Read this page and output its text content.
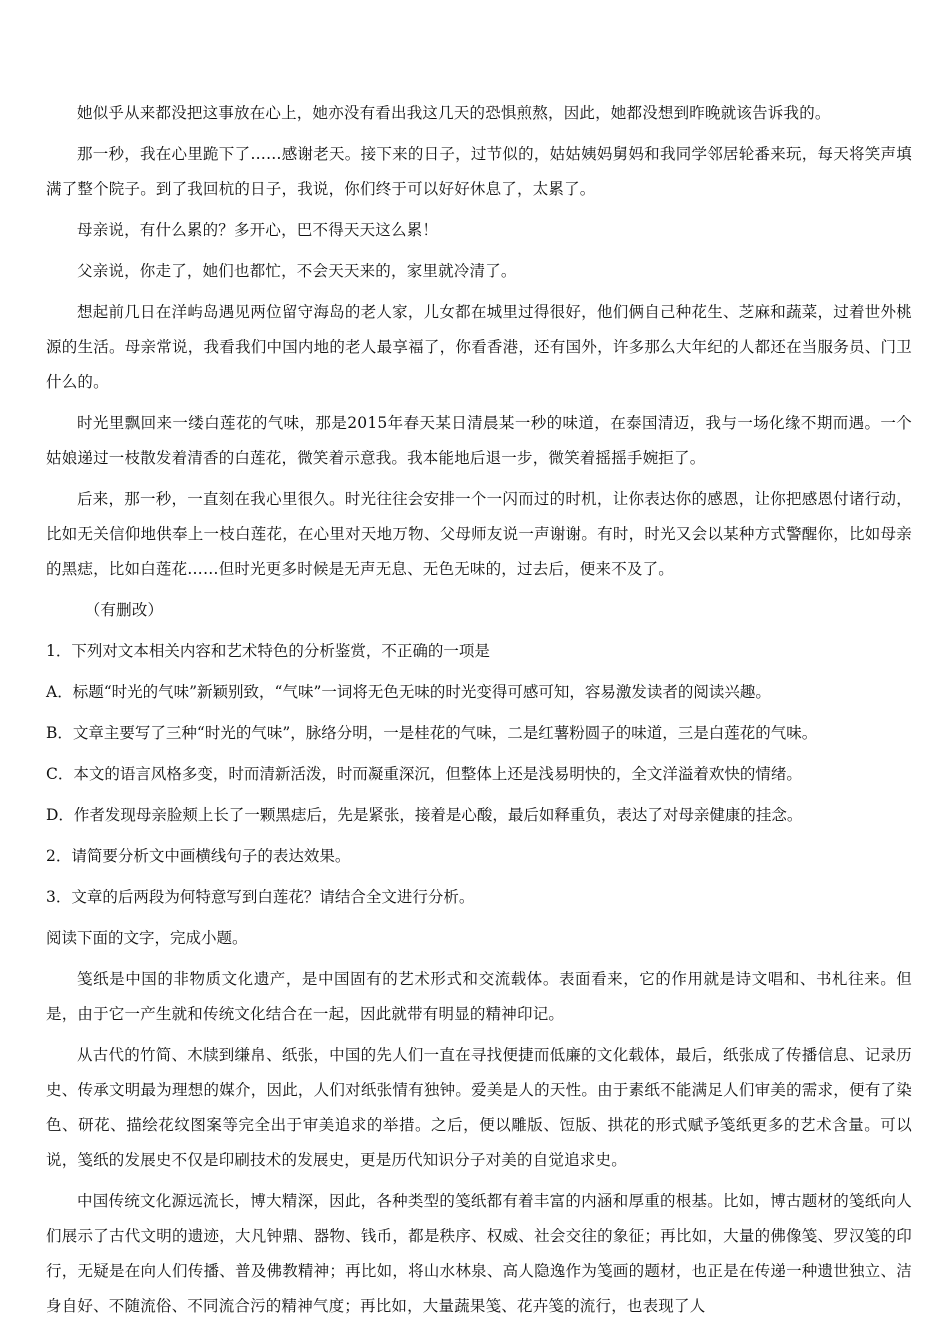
她似乎从来都没把这事放在心上，她亦没有看出我这几天的恐惧煎熬，因此，她都没想到昨晚就该告诉我的。

那一秒，我在心里跪下了……感谢老天。接下来的日子，过节似的，姑姑姨妈舅妈和我同学邻居轮番来玩，每天将笑声填满了整个院子。到了我回杭的日子，我说，你们终于可以好好休息了，太累了。

母亲说，有什么累的？多开心，巴不得天天这么累！

父亲说，你走了，她们也都忙，不会天天来的，家里就冷清了。

想起前几日在洋屿岛遇见两位留守海岛的老人家，儿女都在城里过得很好，他们俩自己种花生、芝麻和蔬菜，过着世外桃源的生活。母亲常说，我看我们中国内地的老人最享福了，你看香港，还有国外，许多那么大年纪的人都还在当服务员、门卫什么的。

时光里飘回来一缕白莲花的气味，那是2015年春天某日清晨某一秒的味道，在泰国清迈，我与一场化缘不期而遇。一个姑娘递过一枝散发着清香的白莲花，微笑着示意我。我本能地后退一步，微笑着摇摇手婉拒了。

后来，那一秒，一直刻在我心里很久。时光往往会安排一个一闪而过的时机，让你表达你的感恩，让你把感恩付诸行动，比如无关信仰地供奉上一枝白莲花，在心里对天地万物、父母师友说一声谢谢。有时，时光又会以某种方式警醒你，比如母亲的黑痣，比如白莲花……但时光更多时候是无声无息、无色无味的，过去后，便来不及了。

（有删改）

1．下列对文本相关内容和艺术特色的分析鉴赏，不正确的一项是

A．标题“时光的气味”新颖别致，“气味”一词将无色无味的时光变得可感可知，容易激发读者的阅读兴趣。

B．文章主要写了三种“时光的气味”，脉络分明，一是桂花的气味，二是红薯粉圆子的味道，三是白莲花的气味。

C．本文的语言风格多变，时而清新活泼，时而凝重深沉，但整体上还是浅易明快的，全文洋溢着欢快的情绪。

D．作者发现母亲脸颊上长了一颗黑痣后，先是紧张，接着是心酸，最后如释重负，表达了对母亲健康的挂念。

2．请简要分析文中画横线句子的表达效果。

3．文章的后两段为何特意写到白莲花？请结合全文进行分析。

阅读下面的文字，完成小题。

笺纸是中国的非物质文化遗产，是中国固有的艺术形式和交流载体。表面看来，它的作用就是诗文唱和、书札往来。但是，由于它一产生就和传统文化结合在一起，因此就带有明显的精神印记。

从古代的竹简、木牍到缣帛、纸张，中国的先人们一直在寻找便捷而低廉的文化载体，最后，纸张成了传播信息、记录历史、传承文明最为理想的媒介，因此，人们对纸张情有独钟。爱美是人的天性。由于素纸不能满足人们审美的需求，便有了染色、研花、描绘花纹图案等完全出于审美追求的举措。之后，便以雕版、饾版、拱花的形式赋予笺纸更多的艺术含量。可以说，笺纸的发展史不仅是印刷技术的发展史，更是历代知识分子对美的自觉追求史。

中国传统文化源远流长，博大精深，因此，各种类型的笺纸都有着丰富的内涵和厚重的根基。比如，博古题材的笺纸向人们展示了古代文明的遗迹，大凡钟鼎、器物、钱币，都是秩序、权威、社会交往的象征；再比如，大量的佛像笺、罗汉笺的印行，无疑是在向人们传播、普及佛教精神；再比如，将山水林泉、高人隐逸作为笺画的题材，也正是在传递一种遗世独立、洁身自好、不随流俗、不同流合污的精神气度；再比如，大量蔬果笺、花卉笺的流行，也表现了人
